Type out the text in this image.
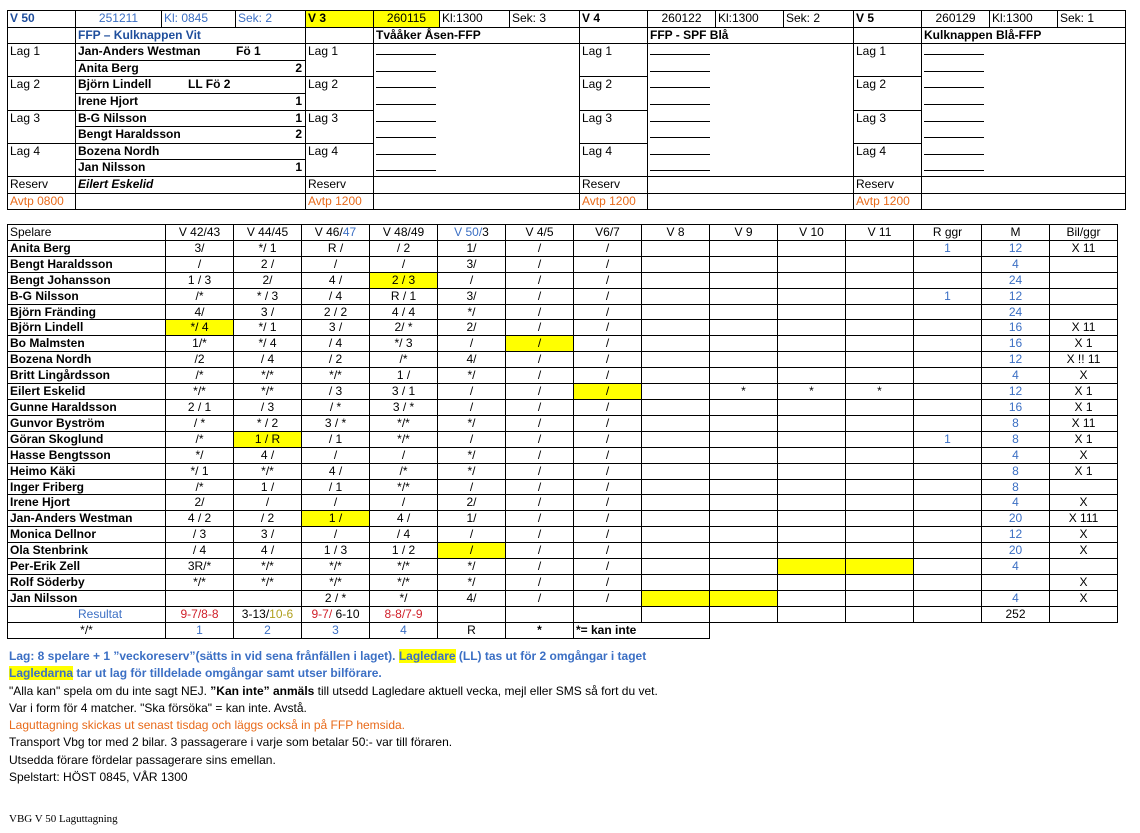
V 50	251211	Kl: 0845	Sek: 2	V 3	260115	Kl:1300	Sek: 3	V 4	260122	Kl:1300	Sek: 2	V 5	260129	Kl:1300	Sek: 1
	FFP – Kulknappen Vit				Tvååker Åsen-FFP				FFP - SPF Blå				Kulknappen Blå-FFP		
Lag 1	Jan-Anders Westman Fö 1			Lag 1				Lag 1				Lag 1			
	Anita Berg 2														

Lag 2	Björn Lindell LL Fö 2			Lag 2				Lag 2				Lag 2			
	Irene Hjort 1														

Lag 3	B-G Nilsson 1			Lag 3				Lag 3				Lag 3			
	Bengt Haraldsson 2														

Lag 4	Bozena Nordh			Lag 4				Lag 4				Lag 4			
	Jan Nilsson 1														

Reserv	Eilert Eskelid			Reserv				Reserv				Reserv			
Avtp 0800				Avtp 1200				Avtp 1200				Avtp 1200			
Spelare	V 42/43	V 44/45	V 46/47	V 48/49	V 50/3	V 4/5	V6/7	V 8	V 9	V 10	V 11	R ggr	M	Bil/ggr
Anita Berg	3/	*/ 1	R /	/ 2	1/	/	/					1	12	X 11
Bengt Haraldsson	/	2 /	/	/	3/	/	/						4	
Bengt Johansson	1 / 3	2/	4 /	2 / 3	/	/	/						24	
B-G Nilsson	/*	* / 3	/ 4	R / 1	3/	/	/					1	12	
Björn Fränding	4/	3 /	2 / 2	4 / 4	*/	/	/						24	
Björn Lindell	*/ 4	*/ 1	3 /	2/ *	2/	/	/						16	X 11
Bo Malmsten	1/*	*/ 4	/ 4	*/ 3	/	/	/						16	X 1
Bozena Nordh	/2	/ 4	/ 2	/*	4/	/	/						12	X !! 11
Britt Lingårdsson	/*	*/*	*/*	1 /	*/	/	/						4	X
Eilert Eskelid	*/*	*/*	/ 3	3 / 1	/	/	/		*	*	*		12	X 1
Gunne Haraldsson	2 / 1	/ 3	/ *	3 / *	/	/	/						16	X 1
Gunvor Byström	/ *	* / 2	3 / *	*/*	*/	/	/						8	X 11
Göran Skoglund	/*	1 / R	/ 1	*/*	/	/	/					1	8	X 1
Hasse Bengtsson	*/	4 /	/	/	*/	/	/						4	X
Heimo Käki	*/ 1	*/*	4 /	/*	*/	/	/						8	X 1
Inger Friberg	/*	1 /	/ 1	*/*	/	/	/						8	
Irene Hjort	2/	/	/	/	2/	/	/						4	X
Jan-Anders Westman	4 / 2	/ 2	1 /	4 /	1/	/	/						20	X 111
Monica Dellnor	/ 3	3 /	/	/ 4	/	/	/						12	X
Ola Stenbrink	/ 4	4 /	1 / 3	1 / 2	/	/	/						20	X
Per-Erik Zell	3R/*	*/*	*/*	*/*	*/	/	/						4	
Rolf Söderby	*/*	*/*	*/*	*/*	*/	/	/							X
Jan Nilsson			2 / *	*/	4/	/	/						4	X
Resultat	9-7/8-8	3-13/10-6	9-7/ 6-10	8-8/7-9									252	
*/*	1	2	3	4	R	*	*= kan inte							
Lag: 8 spelare + 1 ”veckoreserv”(sätts in vid sena frånfällen i laget). Lagledare (LL) tas ut för 2 omgångar i taget
Lagledarna tar ut lag för tilldelade omgångar samt utser bilförare.
"Alla kan" spela om du inte sagt NEJ. ”Kan inte” anmäls till utsedd Lagledare aktuell vecka, mejl eller SMS så fort du vet.
Var i form för 4 matcher. "Ska försöka" = kan inte. Avstå.
Laguttagning skickas ut senast tisdag och läggs också in på FFP hemsida.
Transport Vbg tor med 2 bilar. 3 passagerare i varje som betalar 50:- var till föraren.
Utsedda förare fördelar passagerare sins emellan.
Spelstart: HÖST 0845, VÅR 1300
VBG V 50 Laguttagning
